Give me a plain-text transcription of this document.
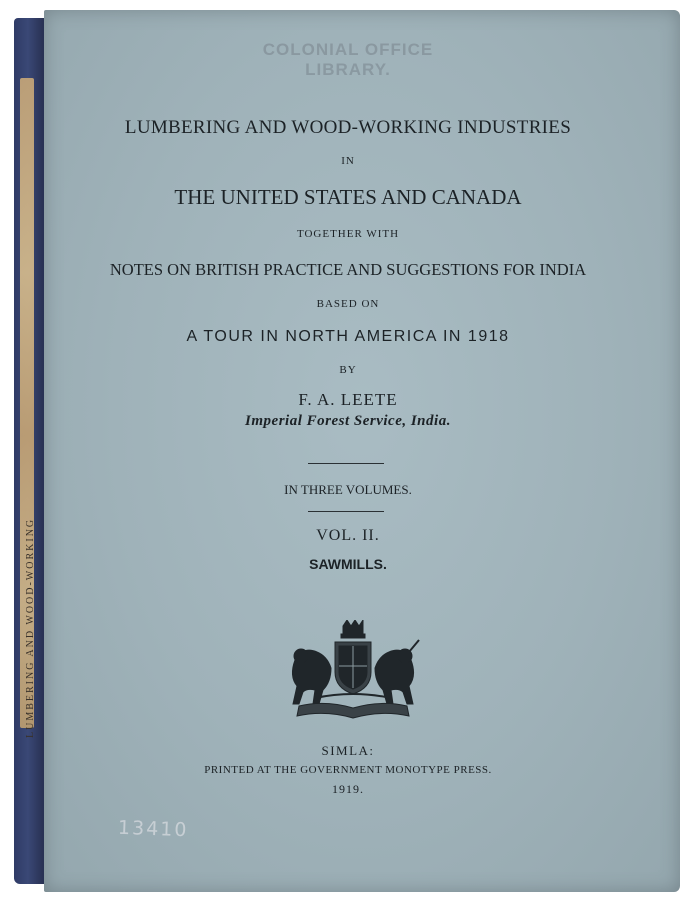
LUMBERING AND WOOD-WORKING
COLONIAL OFFICE
LIBRARY.
LUMBERING AND WOOD-WORKING INDUSTRIES
IN
THE UNITED STATES AND CANADA
TOGETHER WITH
NOTES ON BRITISH PRACTICE AND SUGGESTIONS FOR INDIA
BASED ON
A TOUR IN NORTH AMERICA IN 1918
BY
F. A. LEETE
Imperial Forest Service, India.
IN THREE VOLUMES.
VOL. II.
SAWMILLS.
SIMLA:
PRINTED AT THE GOVERNMENT MONOTYPE PRESS.
1919.
13410
